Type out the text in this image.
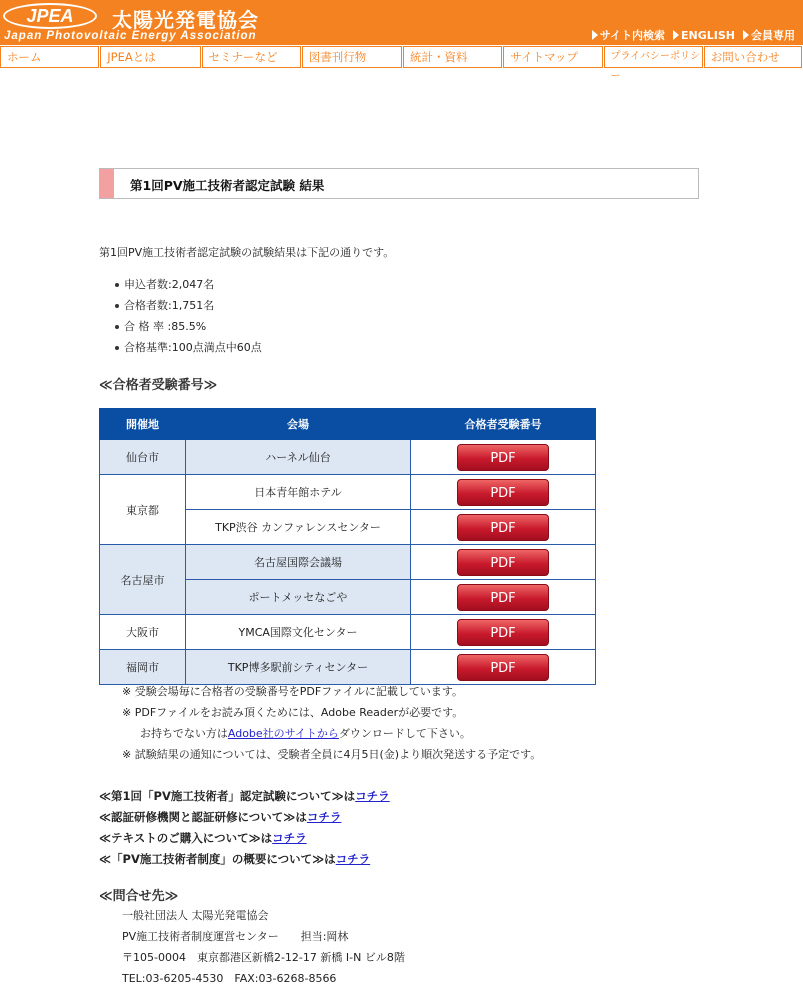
JPEA	太陽光発電協会
Japan Photovoltaic Energy Association	サイト内検索 ENGLISH 会員専用
ホーム	JPEAとは	セミナーなど	図書刊行物	統計・資料	サイトマップ	プライバシーポリシー
お問い合わせ
第1回PV施工技術者認定試験 結果
第1回PV施工技術者認定試験の試験結果は下記の通りです。
申込者数:2,047名
合格者数:1,751名
合 格 率 :85.5%
合格基準:100点満点中60点
≪合格者受験番号≫
開催地	会場	合格者受験番号
仙台市	ハーネル仙台	PDF
東京都	日本青年館ホテル	PDF
	TKP渋谷 カンファレンスセンター	PDF
名古屋市	名古屋国際会議場	PDF
	ポートメッセなごや	PDF
大阪市	YMCA国際文化センター	PDF
福岡市	TKP博多駅前シティセンター	PDF
※ 受験会場毎に合格者の受験番号をPDFファイルに記載しています。
※ PDFファイルをお読み頂くためには、Adobe Readerが必要です。
お持ちでない方はAdobe社のサイトからダウンロードして下さい。
※ 試験結果の通知については、受験者全員に4月5日(金)より順次発送する予定です。
≪第1回「PV施工技術者」認定試験について≫はコチラ
≪認証研修機関と認証研修について≫はコチラ
≪テキストのご購入について≫はコチラ
≪「PV施工技術者制度」の概要について≫はコチラ
≪問合せ先≫
一般社団法人 太陽光発電協会
PV施工技術者制度運営センター　　担当:岡林
〒105-0004　東京都港区新橋2-12-17 新橋 I-N ビル8階
TEL:03-6205-4530　FAX:03-6268-8566
